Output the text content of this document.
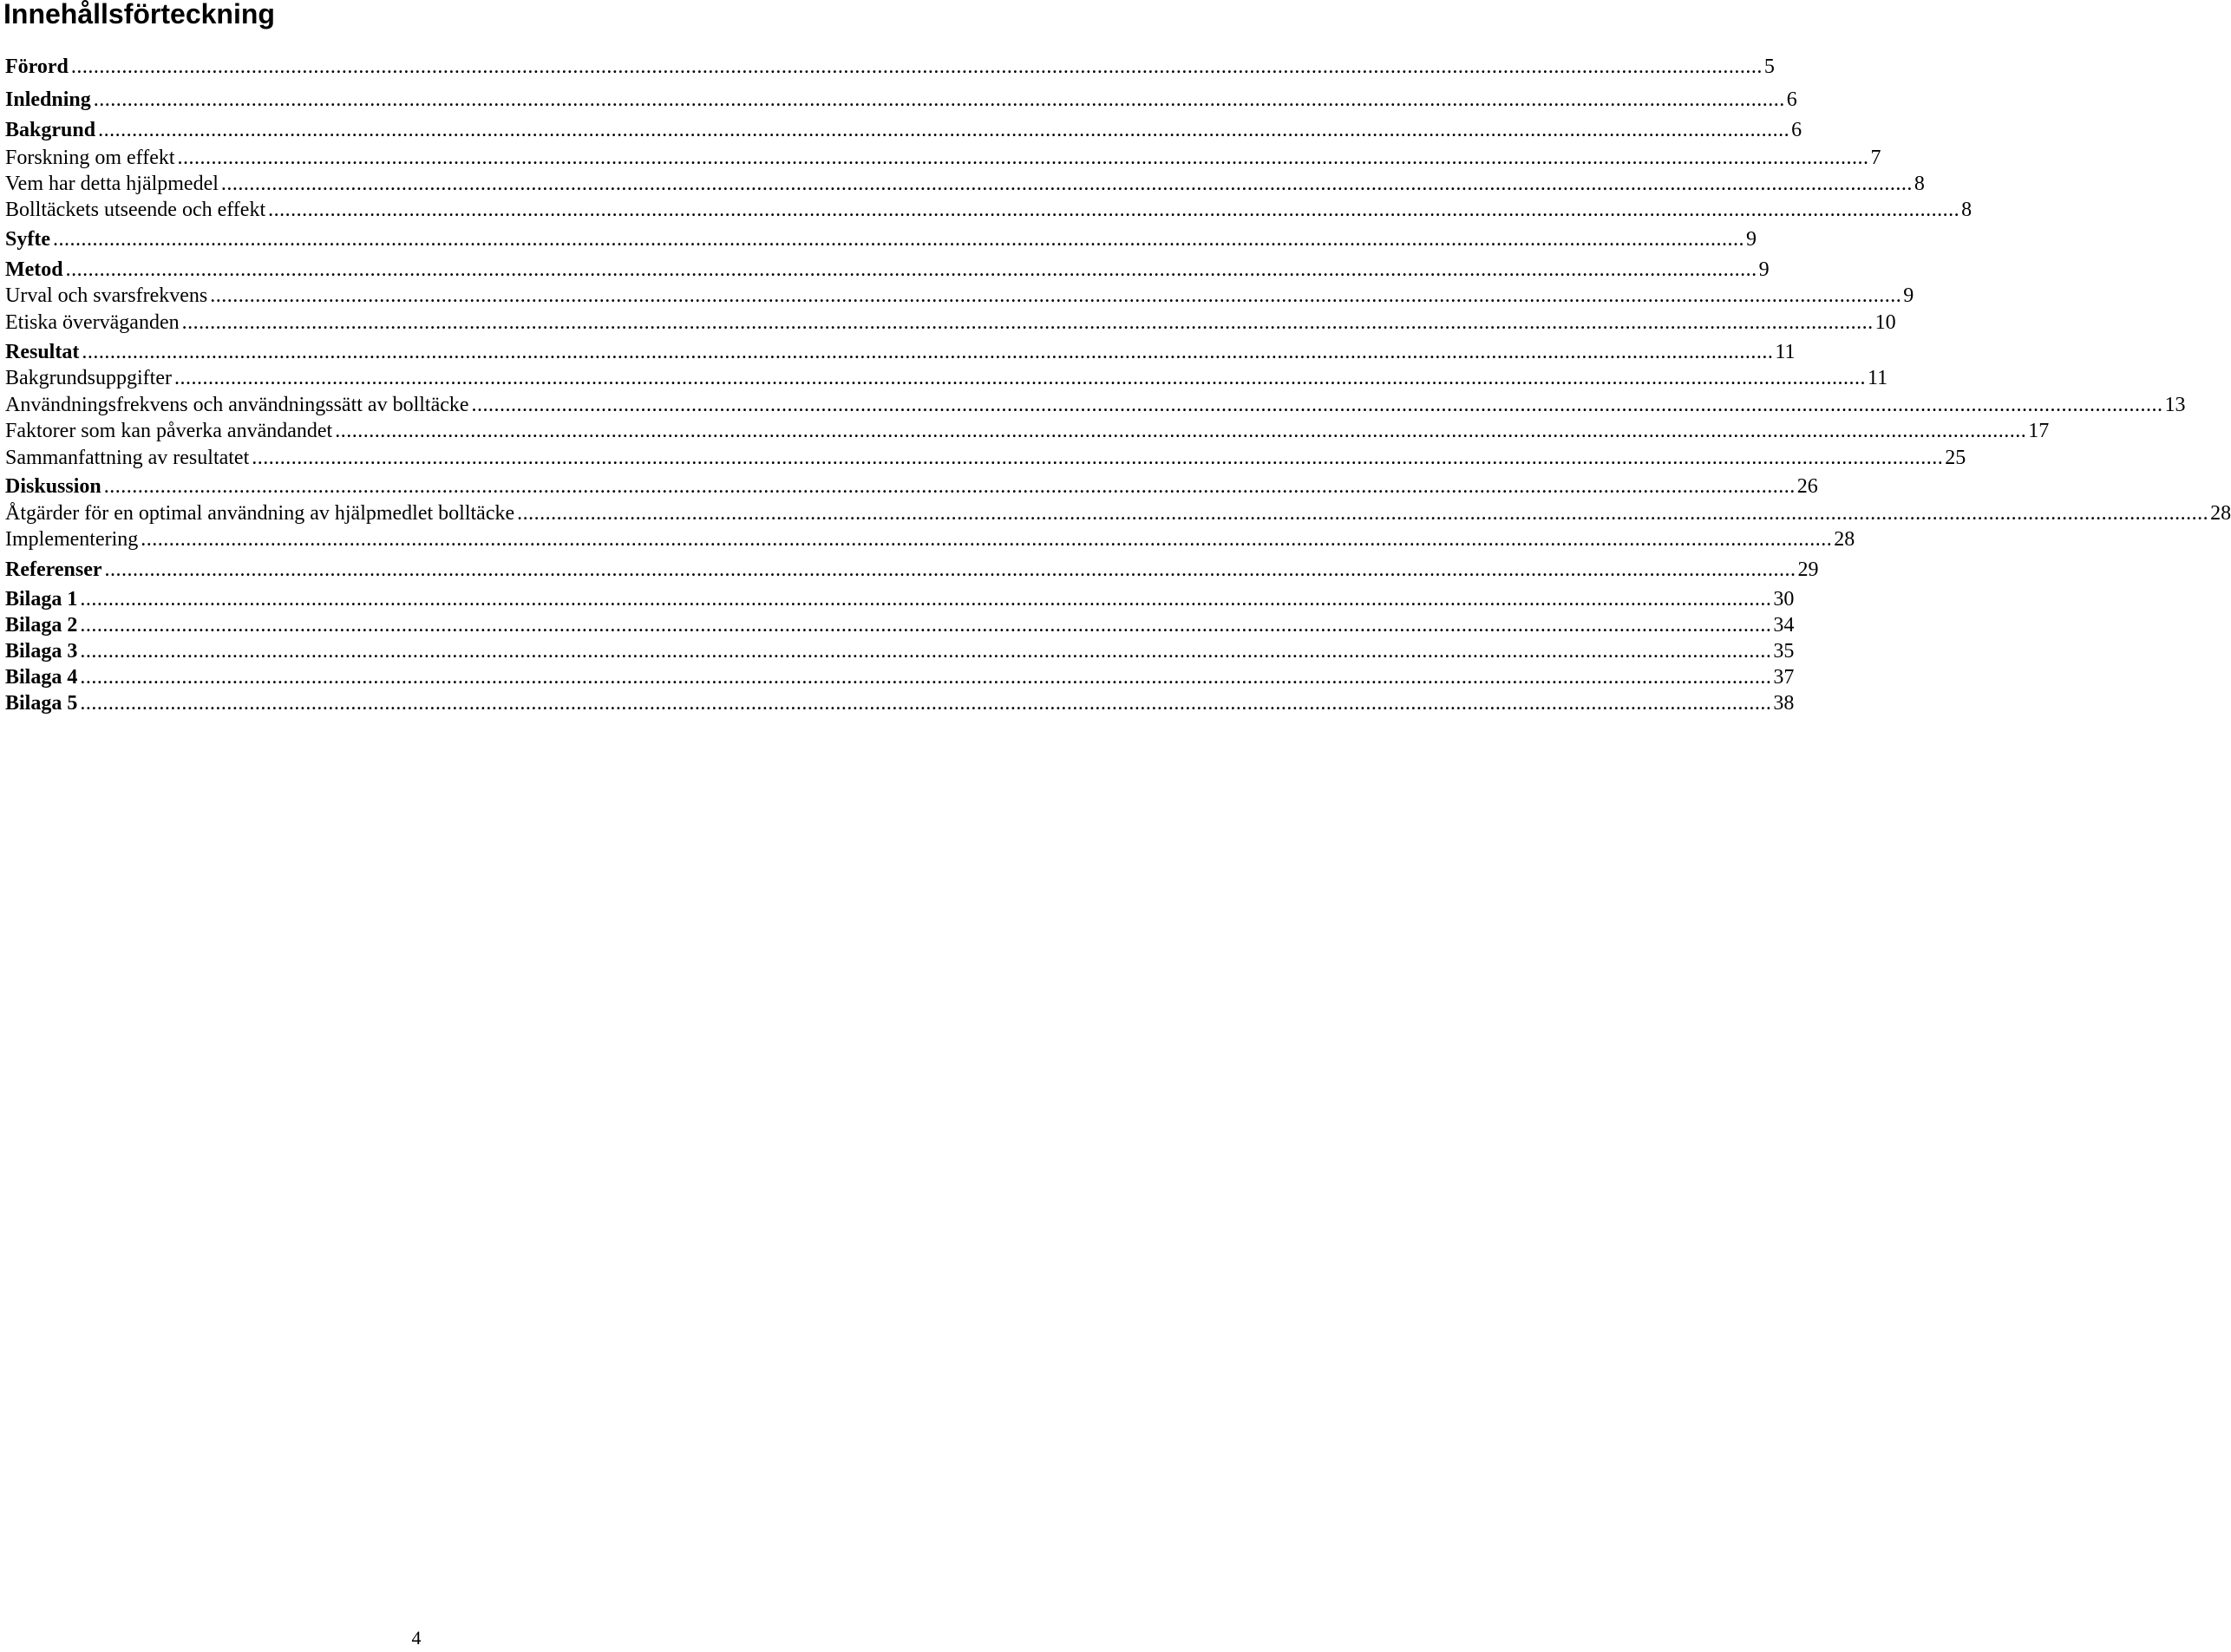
Innehållsförteckning
Förord ............................................................................................................................................................................................................................................................................................................ 5
Inledning ............................................................................................................................................................................................................................................................................................................ 6
Bakgrund ............................................................................................................................................................................................................................................................................................................ 6
Forskning om effekt ............................................................................................................................................................................................................................................................................................................ 7
Vem har detta hjälpmedel ............................................................................................................................................................................................................................................................................................................ 8
Bolltäckets utseende och effekt ............................................................................................................................................................................................................................................................................................................ 8
Syfte ............................................................................................................................................................................................................................................................................................................ 9
Metod ............................................................................................................................................................................................................................................................................................................ 9
Urval och svarsfrekvens ............................................................................................................................................................................................................................................................................................................ 9
Etiska överväganden ............................................................................................................................................................................................................................................................................................................ 10
Resultat ............................................................................................................................................................................................................................................................................................................ 11
Bakgrundsuppgifter ............................................................................................................................................................................................................................................................................................................ 11
Användningsfrekvens och användningssätt av bolltäcke ............................................................................................................................................................................................................................................................................................................ 13
Faktorer som kan påverka användandet ............................................................................................................................................................................................................................................................................................................ 17
Sammanfattning av resultatet ............................................................................................................................................................................................................................................................................................................ 25
Diskussion ............................................................................................................................................................................................................................................................................................................ 26
Åtgärder för en optimal användning av hjälpmedlet bolltäcke ............................................................................................................................................................................................................................................................................................................ 28
Implementering ............................................................................................................................................................................................................................................................................................................ 28
Referenser ............................................................................................................................................................................................................................................................................................................ 29
Bilaga 1 ............................................................................................................................................................................................................................................................................................................ 30
Bilaga 2 ............................................................................................................................................................................................................................................................................................................ 34
Bilaga 3 ............................................................................................................................................................................................................................................................................................................ 35
Bilaga 4 ............................................................................................................................................................................................................................................................................................................ 37
Bilaga 5 ............................................................................................................................................................................................................................................................................................................ 38
4
